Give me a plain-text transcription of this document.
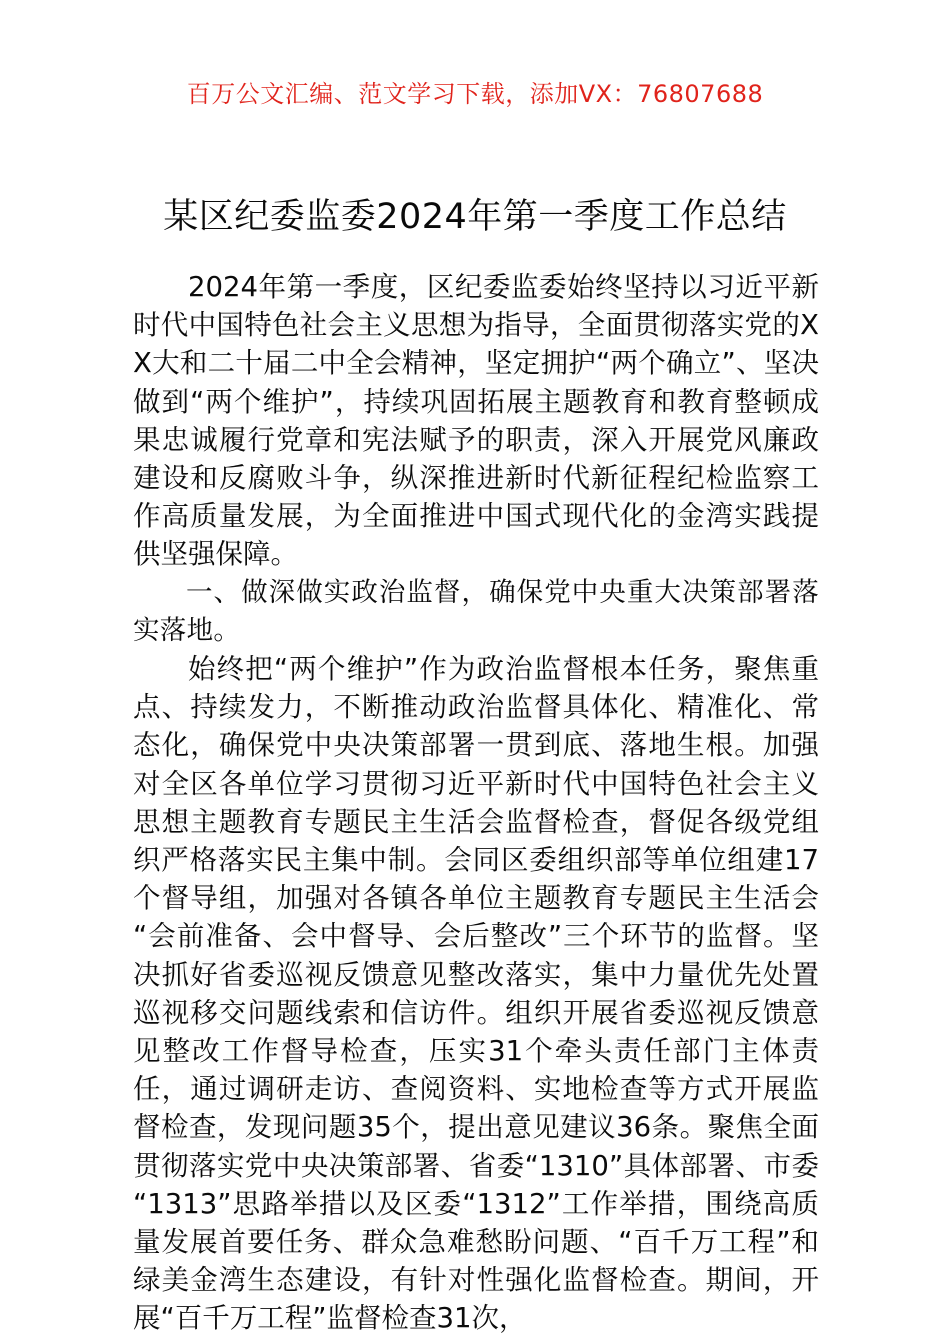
百万公文汇编、范文学习下载，添加VX：76807688
某区纪委监委2024年第一季度工作总结

2024年第一季度，区纪委监委始终坚持以习近平新时代中国特色社会主义思想为指导，全面贯彻落实党的XX大和二十届二中全会精神，坚定拥护“两个确立”、坚决做到“两个维护”，持续巩固拓展主题教育和教育整顿成果忠诚履行党章和宪法赋予的职责，深入开展党风廉政建设和反腐败斗争，纵深推进新时代新征程纪检监察工作高质量发展，为全面推进中国式现代化的金湾实践提供坚强保障。

一、做深做实政治监督，确保党中央重大决策部署落实落地。

始终把“两个维护”作为政治监督根本任务，聚焦重点、持续发力，不断推动政治监督具体化、精准化、常态化，确保党中央决策部署一贯到底、落地生根。加强对全区各单位学习贯彻习近平新时代中国特色社会主义思想主题教育专题民主生活会监督检查，督促各级党组织严格落实民主集中制。会同区委组织部等单位组建17个督导组，加强对各镇各单位主题教育专题民主生活会“会前准备、会中督导、会后整改”三个环节的监督。坚决抓好省委巡视反馈意见整改落实，集中力量优先处置巡视移交问题线索和信访件。组织开展省委巡视反馈意见整改工作督导检查，压实31个牵头责任部门主体责任，通过调研走访、查阅资料、实地检查等方式开展监督检查，发现问题35个，提出意见建议36条。聚焦全面贯彻落实党中央决策部署、省委“1310”具体部署、市委“1313”思路举措以及区委“1312”工作举措，围绕高质量发展首要任务、群众急难愁盼问题、“百千万工程”和绿美金湾生态建设，有针对性强化监督检查。期间，开展“百千万工程”监督检查31次，
